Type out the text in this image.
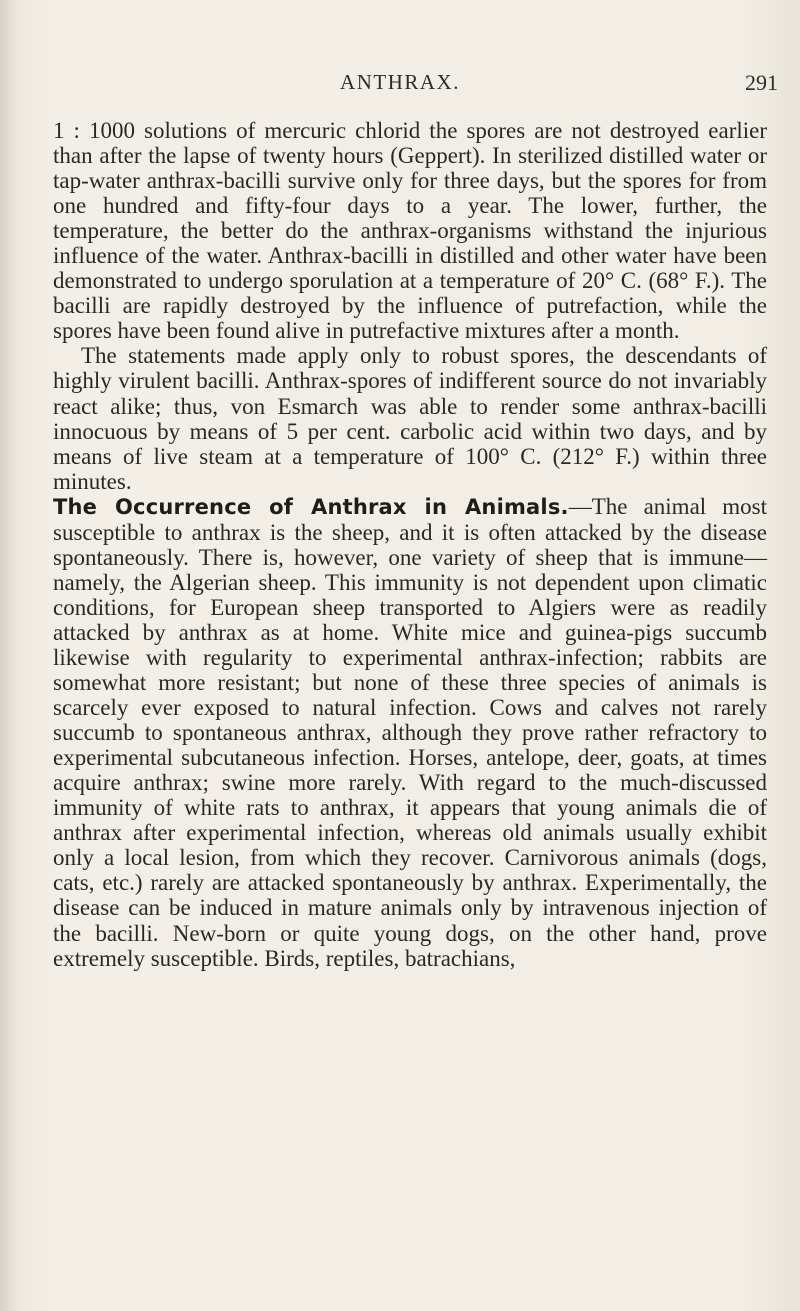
ANTHRAX.	291

1 : 1000 solutions of mercuric chlorid the spores are not destroyed earlier than after the lapse of twenty hours (Geppert). In sterilized distilled water or tap-water anthrax-bacilli survive only for three days, but the spores for from one hundred and fifty-four days to a year. The lower, further, the temperature, the better do the anthrax-organisms withstand the injurious influence of the water. Anthrax-bacilli in distilled and other water have been demonstrated to undergo sporulation at a temperature of 20° C. (68° F.). The bacilli are rapidly destroyed by the influence of putrefaction, while the spores have been found alive in putrefactive mixtures after a month.

The statements made apply only to robust spores, the descendants of highly virulent bacilli. Anthrax-spores of indifferent source do not invariably react alike; thus, von Esmarch was able to render some anthrax-bacilli innocuous by means of 5 per cent. carbolic acid within two days, and by means of live steam at a temperature of 100° C. (212° F.) within three minutes.

The Occurrence of Anthrax in Animals.—The animal most susceptible to anthrax is the sheep, and it is often attacked by the disease spontaneously. There is, however, one variety of sheep that is immune—namely, the Algerian sheep. This immunity is not dependent upon climatic conditions, for European sheep transported to Algiers were as readily attacked by anthrax as at home. White mice and guinea-pigs succumb likewise with regularity to experimental anthrax-infection; rabbits are somewhat more resistant; but none of these three species of animals is scarcely ever exposed to natural infection. Cows and calves not rarely succumb to spontaneous anthrax, although they prove rather refractory to experimental subcutaneous infection. Horses, antelope, deer, goats, at times acquire anthrax; swine more rarely. With regard to the much-discussed immunity of white rats to anthrax, it appears that young animals die of anthrax after experimental infection, whereas old animals usually exhibit only a local lesion, from which they recover. Carnivorous animals (dogs, cats, etc.) rarely are attacked spontaneously by anthrax. Experimentally, the disease can be induced in mature animals only by intravenous injection of the bacilli. New-born or quite young dogs, on the other hand, prove extremely susceptible. Birds, reptiles, batrachians,
